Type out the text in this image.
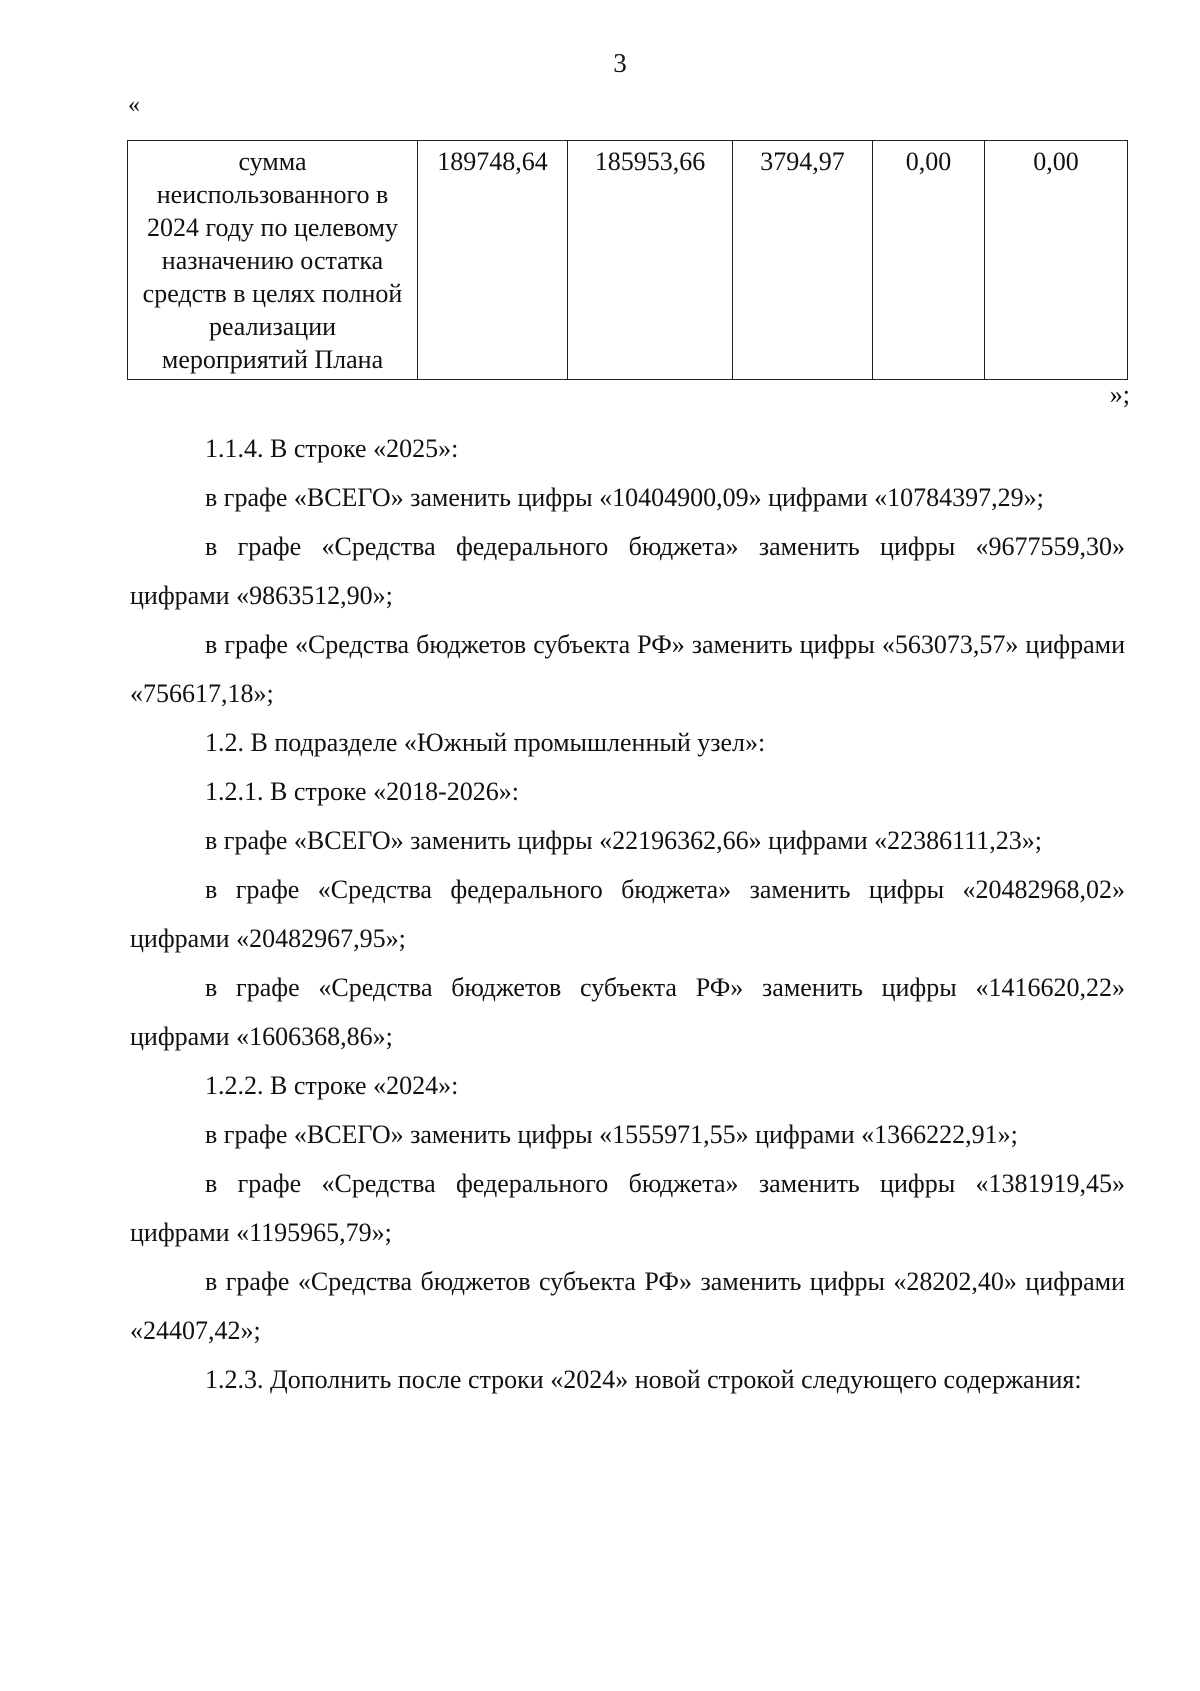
3
«
сумма неиспользованного в 2024 году по целевому назначению остатка средств в целях полной реализации мероприятий Плана	189748,64	185953,66	3794,97	0,00	0,00
»;

1.1.4. В строке «2025»:

в графе «ВСЕГО» заменить цифры «10404900,09» цифрами «10784397,29»;

в графе «Средства федерального бюджета» заменить цифры «9677559,30» цифрами «9863512,90»;

в графе «Средства бюджетов субъекта РФ» заменить цифры «563073,57» цифрами «756617,18»;

1.2. В подразделе «Южный промышленный узел»:

1.2.1. В строке «2018-2026»:

в графе «ВСЕГО» заменить цифры «22196362,66» цифрами «22386111,23»;

в графе «Средства федерального бюджета» заменить цифры «20482968,02» цифрами «20482967,95»;

в графе «Средства бюджетов субъекта РФ» заменить цифры «1416620,22» цифрами «1606368,86»;

1.2.2. В строке «2024»:

в графе «ВСЕГО» заменить цифры «1555971,55» цифрами «1366222,91»;

в графе «Средства федерального бюджета» заменить цифры «1381919,45» цифрами «1195965,79»;

в графе «Средства бюджетов субъекта РФ» заменить цифры «28202,40» цифрами «24407,42»;

1.2.3. Дополнить после строки «2024» новой строкой следующего содержания:
